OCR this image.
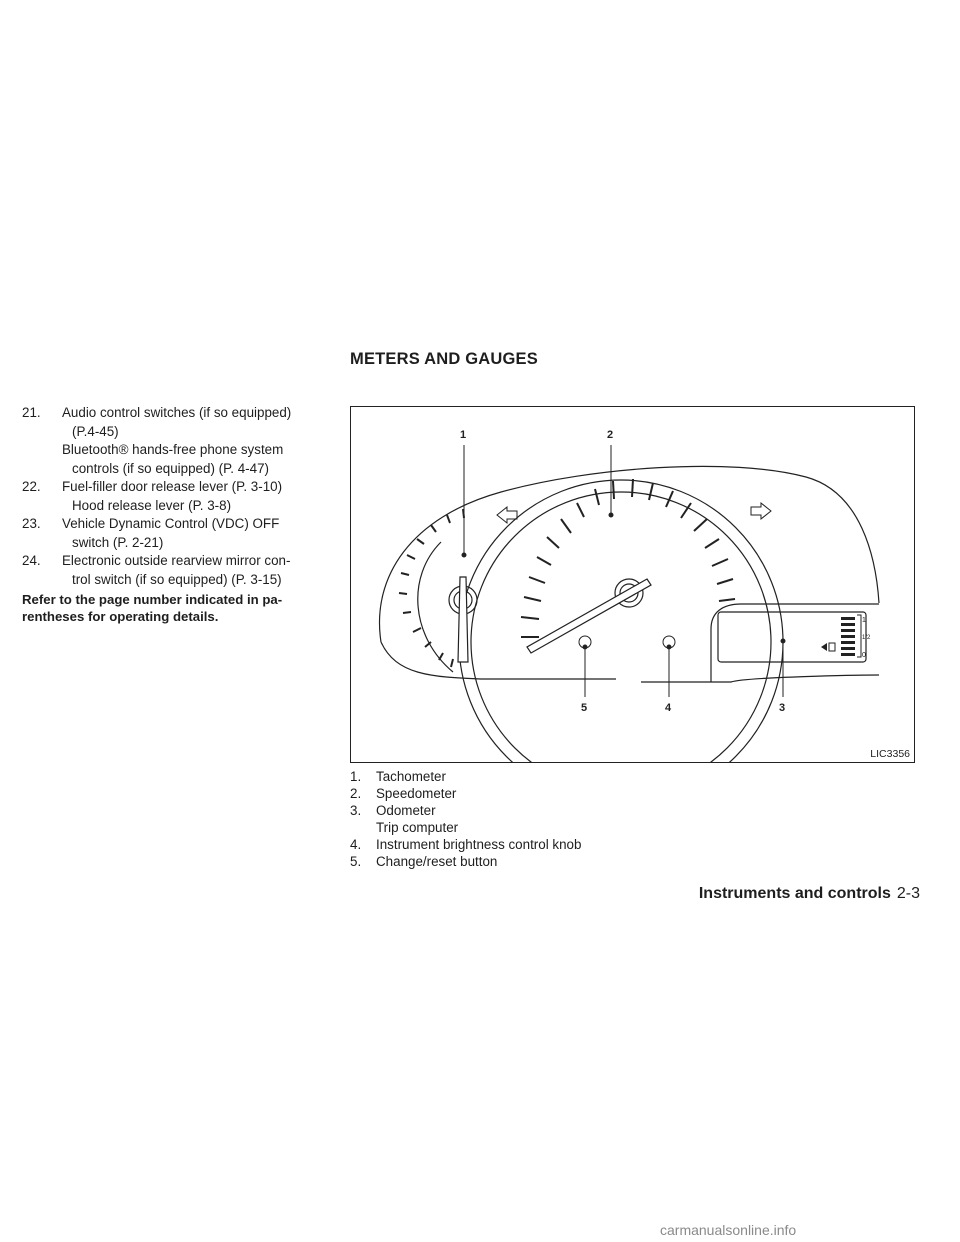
METERS AND GAUGES
21. Audio control switches (if so equipped)
(P.4-45)
Bluetooth® hands-free phone system
controls (if so equipped) (P. 4-47)
22. Fuel-filler door release lever (P. 3-10)
Hood release lever (P. 3-8)
23. Vehicle Dynamic Control (VDC) OFF
switch (P. 2-21)
24. Electronic outside rearview mirror con-
trol switch (if so equipped) (P. 3-15)
Refer to the page number indicated in pa- rentheses for operating details.	1
1/2
0
1	2
3
4
5
LIC3356
1. Tachometer
2. Speedometer
3. Odometer
Trip computer
4. Instrument brightness control knob
5. Change/reset button
Instruments and controls 2-3
carmanualsonline.info
